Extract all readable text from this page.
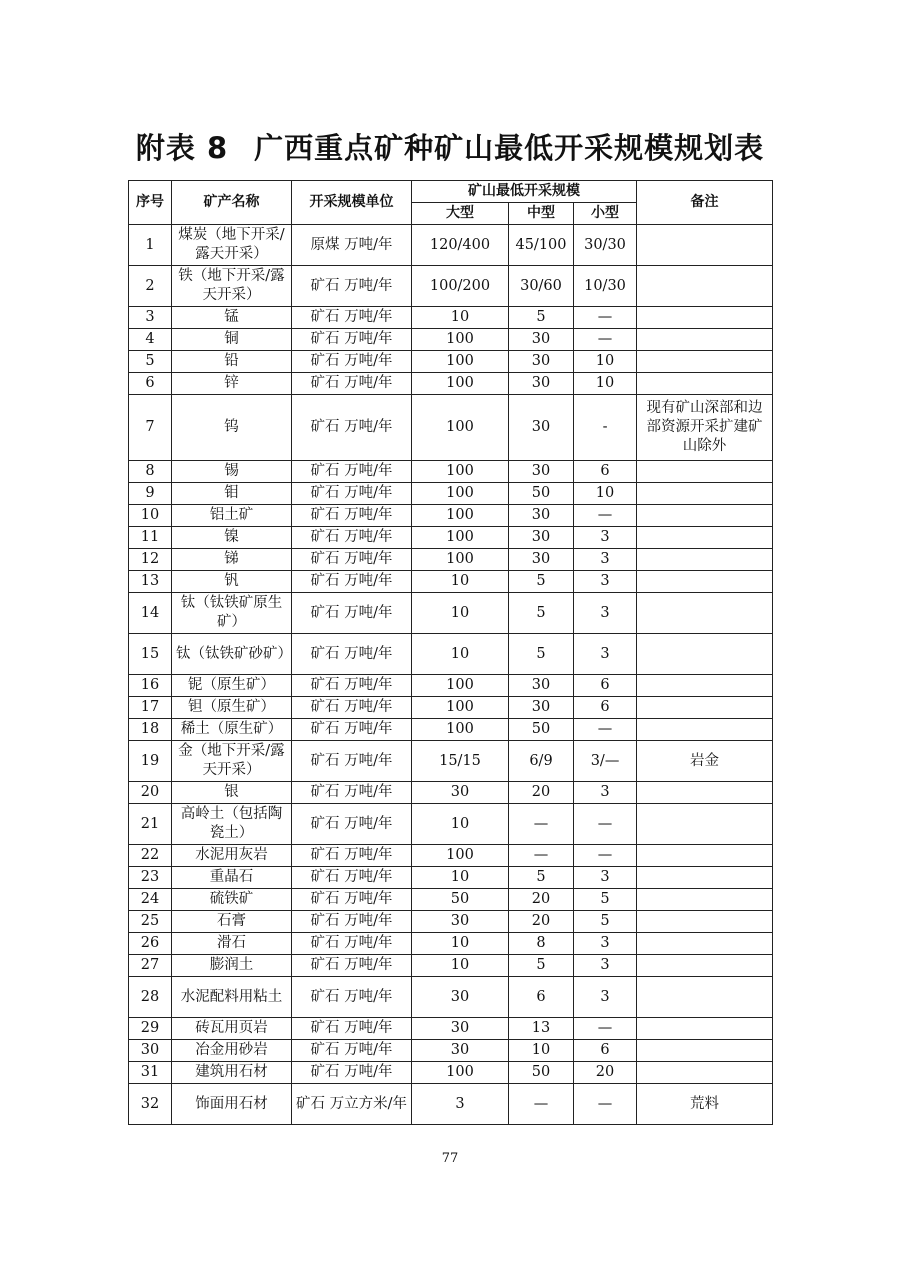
附表 8 广西重点矿种矿山最低开采规模规划表
序号	矿产名称	开采规模单位	矿山最低开采规模			备注
			大型	中型	小型	
1	煤炭（地下开采/露天开采）	原煤 万吨/年	120/400	45/100	30/30	
2	铁（地下开采/露天开采）	矿石 万吨/年	100/200	30/60	10/30	
3	锰	矿石 万吨/年	10	5	—	
4	铜	矿石 万吨/年	100	30	—	
5	铅	矿石 万吨/年	100	30	10	
6	锌	矿石 万吨/年	100	30	10	
7	钨	矿石 万吨/年	100	30	-	现有矿山深部和边部资源开采扩建矿山除外
8	锡	矿石 万吨/年	100	30	6	
9	钼	矿石 万吨/年	100	50	10	
10	铝土矿	矿石 万吨/年	100	30	—	
11	镍	矿石 万吨/年	100	30	3	
12	锑	矿石 万吨/年	100	30	3	
13	钒	矿石 万吨/年	10	5	3	
14	钛（钛铁矿原生矿）	矿石 万吨/年	10	5	3	
15	钛（钛铁矿砂矿）	矿石 万吨/年	10	5	3	
16	铌（原生矿）	矿石 万吨/年	100	30	6	
17	钽（原生矿）	矿石 万吨/年	100	30	6	
18	稀土（原生矿）	矿石 万吨/年	100	50	—	
19	金（地下开采/露天开采）	矿石 万吨/年	15/15	6/9	3/—	岩金
20	银	矿石 万吨/年	30	20	3	
21	高岭土（包括陶瓷土）	矿石 万吨/年	10	—	—	
22	水泥用灰岩	矿石 万吨/年	100	—	—	
23	重晶石	矿石 万吨/年	10	5	3	
24	硫铁矿	矿石 万吨/年	50	20	5	
25	石膏	矿石 万吨/年	30	20	5	
26	滑石	矿石 万吨/年	10	8	3	
27	膨润土	矿石 万吨/年	10	5	3	
28	水泥配料用粘土	矿石 万吨/年	30	6	3	
29	砖瓦用页岩	矿石 万吨/年	30	13	—	
30	冶金用砂岩	矿石 万吨/年	30	10	6	
31	建筑用石材	矿石 万吨/年	100	50	20	
32	饰面用石材	矿石 万立方米/年	3	—	—	荒料
77
